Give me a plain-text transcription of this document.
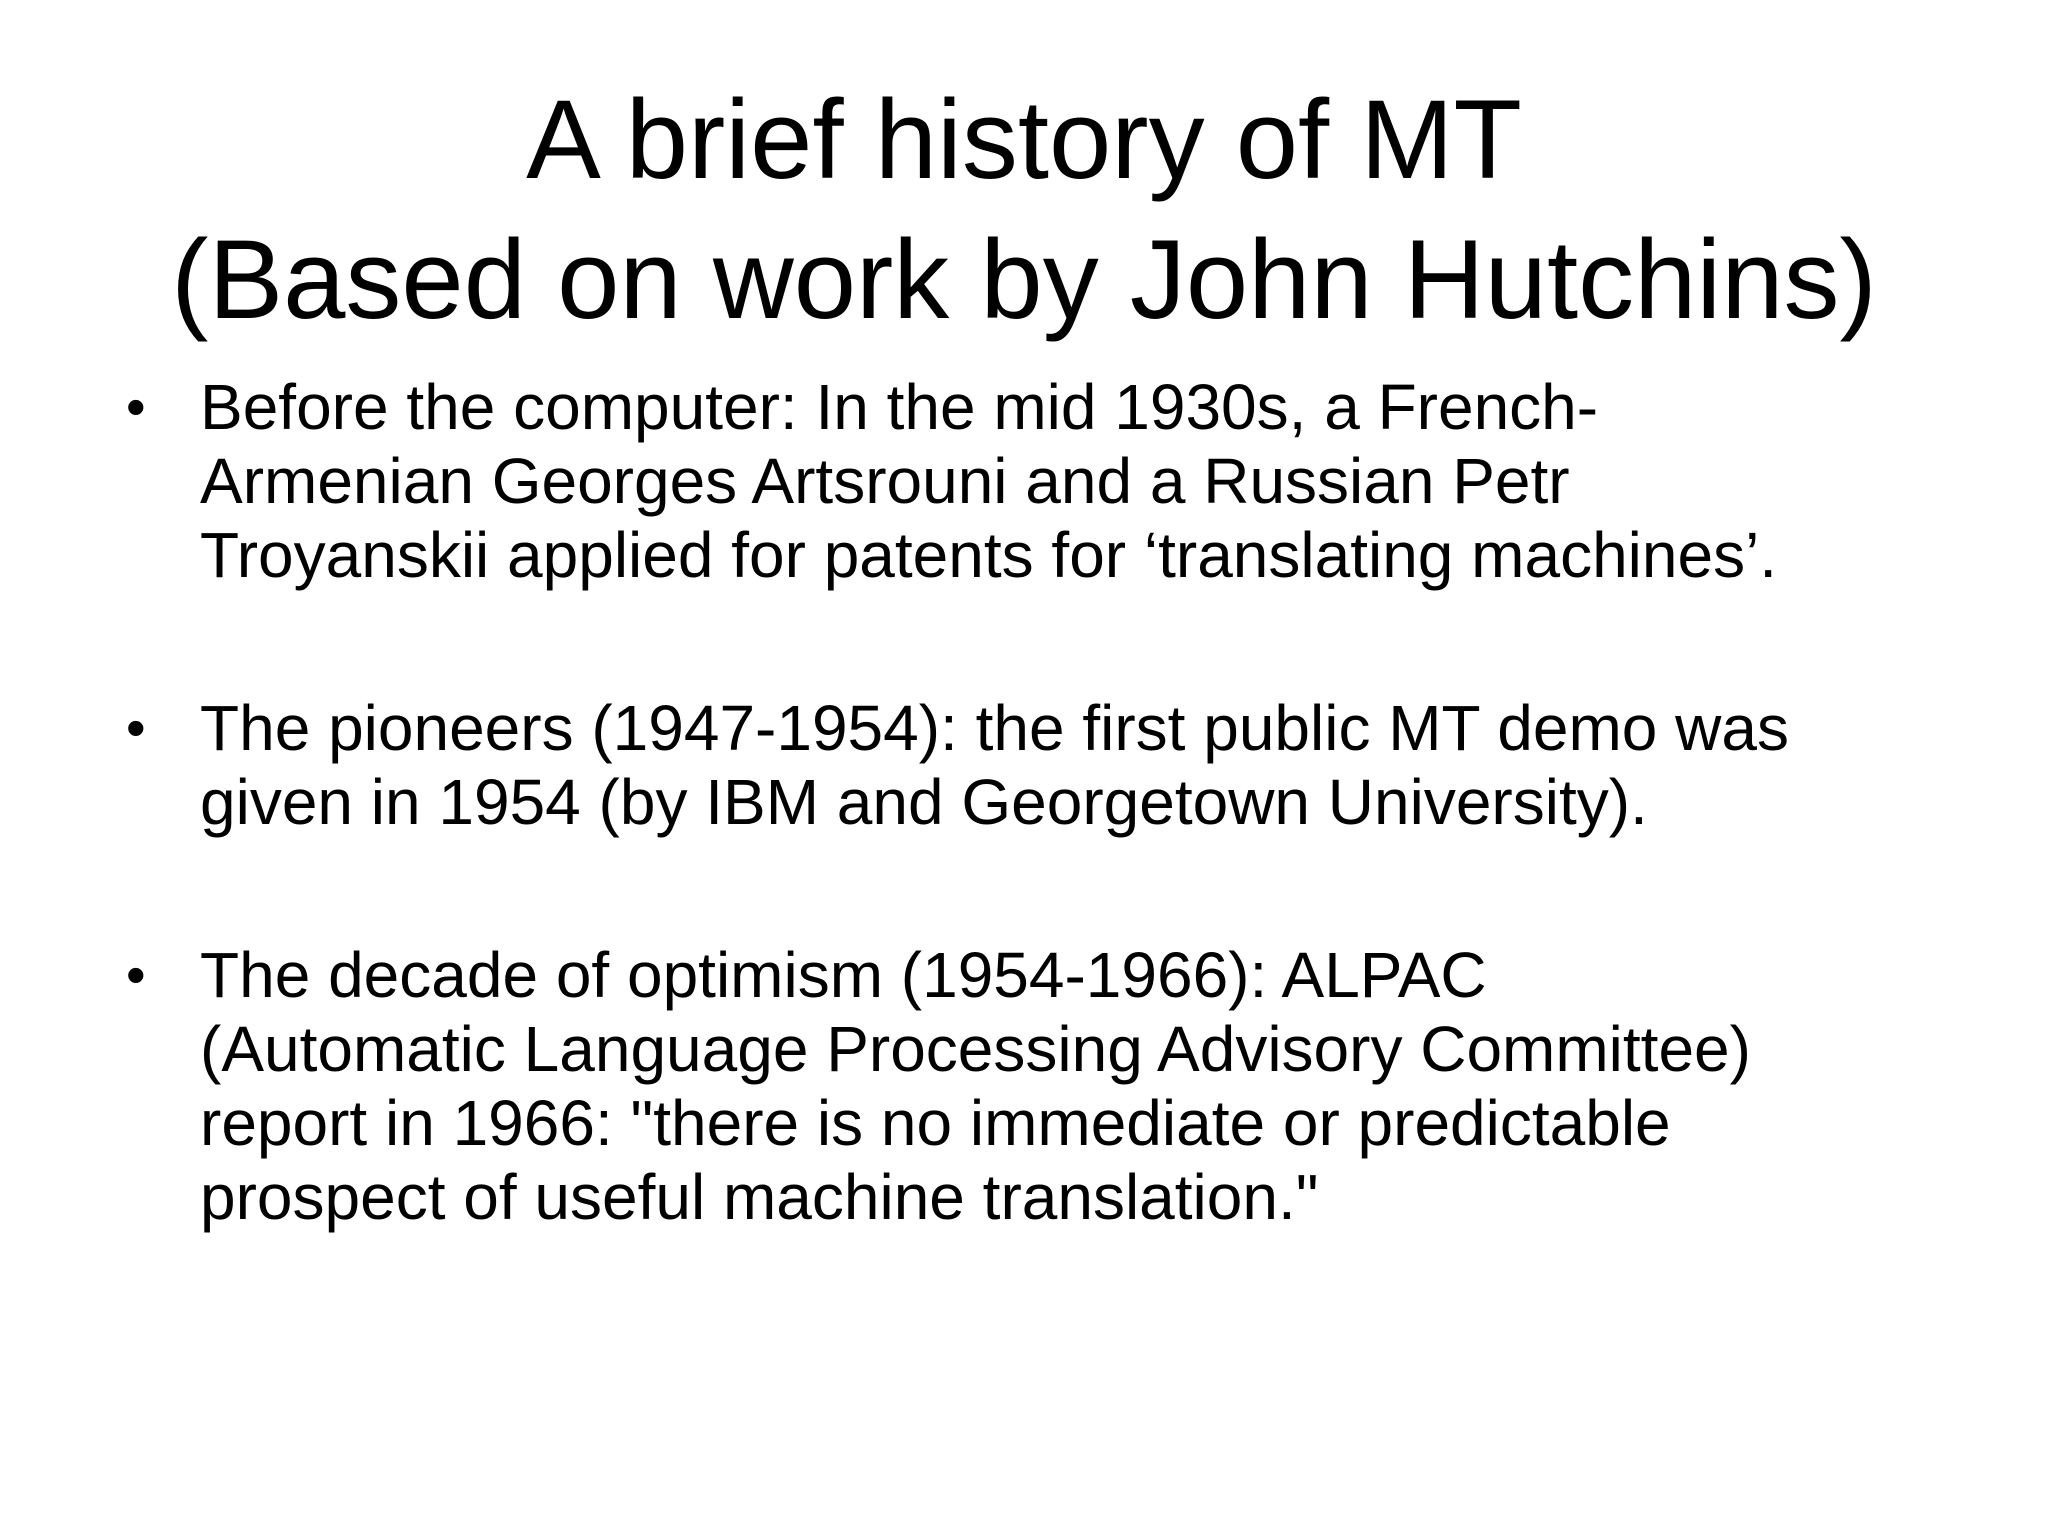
A brief history of MT
(Based on work by John Hutchins)
• Before the computer: In the mid 1930s, a French-
Armenian Georges Artsrouni and a Russian Petr
Troyanskii applied for patents for ‘translating machines’.
• The pioneers (1947-1954): the first public MT demo was
given in 1954 (by IBM and Georgetown University).
• The decade of optimism (1954-1966): ALPAC
(Automatic Language Processing Advisory Committee)
report in 1966: "there is no immediate or predictable
prospect of useful machine translation."
